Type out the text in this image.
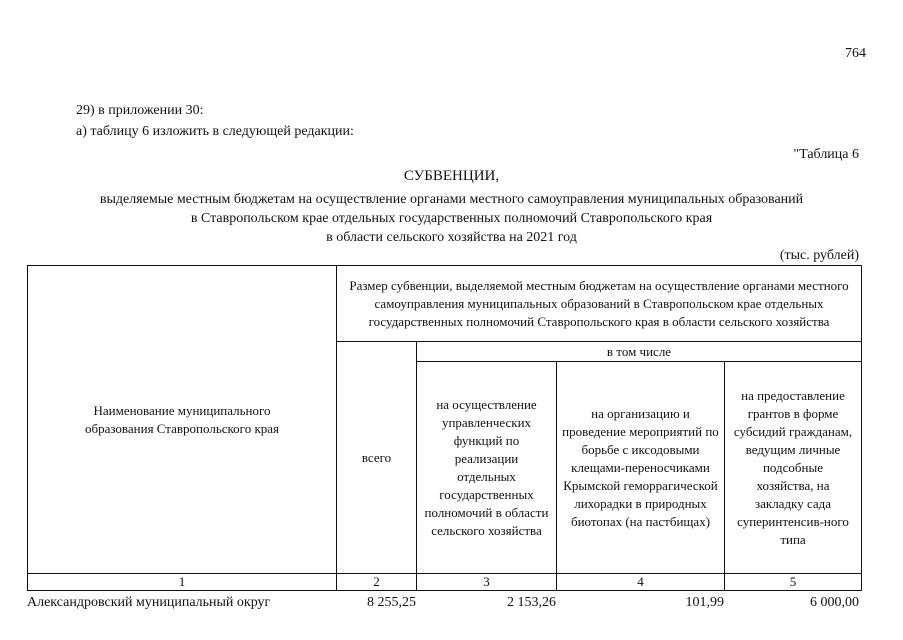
764
29) в приложении 30:
а) таблицу 6 изложить в следующей редакции:
"Таблица 6
СУБВЕНЦИИ,
выделяемые местным бюджетам на осуществление органами местного самоуправления муниципальных образований
в Ставропольском крае отдельных государственных полномочий Ставропольского края
в области сельского хозяйства на 2021 год
(тыс. рублей)
Наименование муниципального образования Ставропольского края	Размер субвенции, выделяемой местным бюджетам на осуществление органами местного самоуправления муниципальных образований в Ставропольском крае отдельных государственных полномочий Ставропольского края в области сельского хозяйства			
	всего	в том числе		

		на осуществление управленческих функций по реализации отдельных государственных полномочий в области сельского хозяйства	на организацию и проведение мероприятий по борьбе с иксодовыми клещами-переносчиками Крымской геморрагической лихорадки в природных биотопах (на пастбищах)	на предоставление грантов в форме субсидий гражданам, ведущим личные подсобные хозяйства, на закладку сада суперинтенсив-ного типа

1	2	3	4	5
Александровский муниципальный округ	8 255,25	2 153,26	101,99	6 000,00
